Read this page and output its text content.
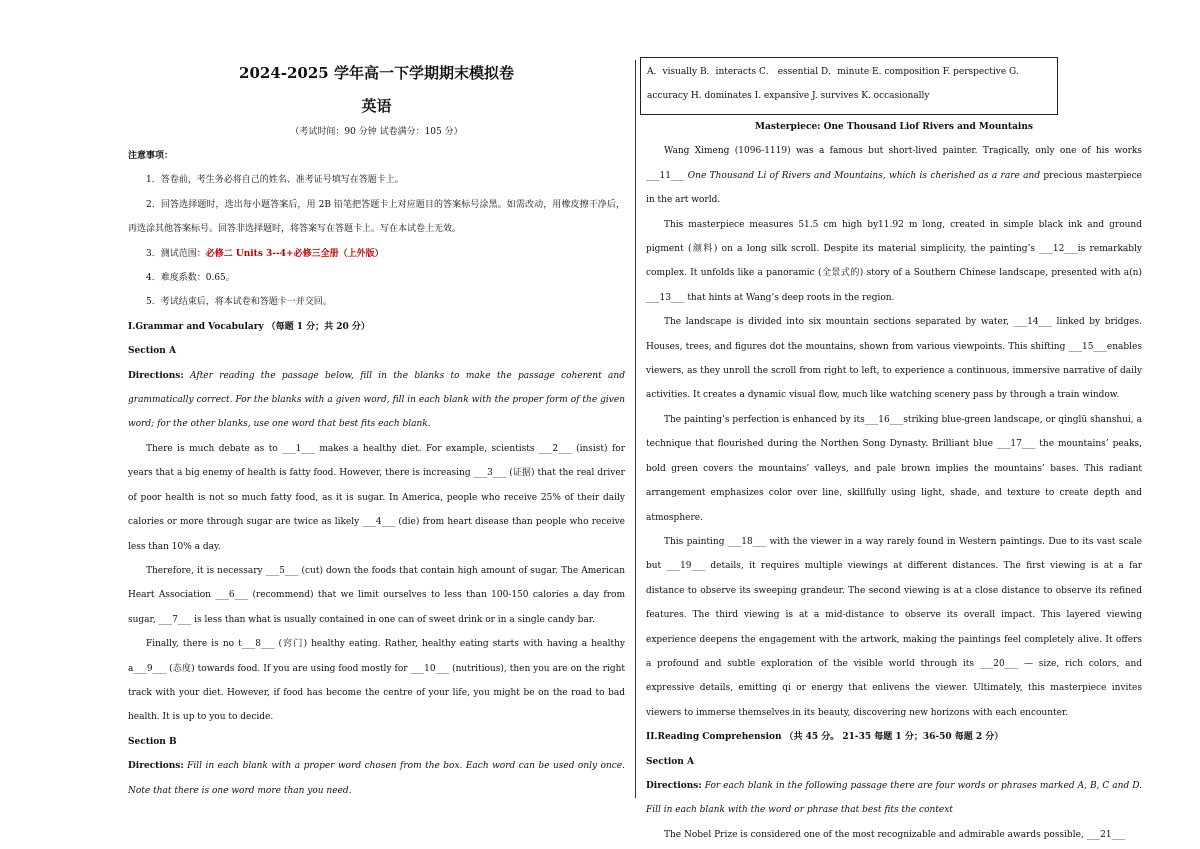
2024-2025 学年高一下学期期末模拟卷
英语
（考试时间：90 分钟 试卷满分：105 分）

注意事项：

1．答卷前，考生务必将自己的姓名、准考证号填写在答题卡上。

2．回答选择题时，选出每小题答案后，用 2B 铅笔把答题卡上对应题目的答案标号涂黑。如需改动，用橡皮擦干净后，再选涂其他答案标号。回答非选择题时，将答案写在答题卡上。写在本试卷上无效。

3．测试范围：必修二 Units 3--4+必修三全册（上外版）

4．难度系数：0.65。

5．考试结束后，将本试卷和答题卡一并交回。

I.Grammar and Vocabulary （每题 1 分；共 20 分）

Section A

Directions: After reading the passage below, fill in the blanks to make the passage coherent and grammatically correct. For the blanks with a given word, fill in each blank with the proper form of the given word; for the other blanks, use one word that best fits each blank.

There is much debate as to ___1___ makes a healthy diet. For example, scientists ___2___ (insist) for years that a big enemy of health is fatty food. However, there is increasing ___3___ (证据) that the real driver of poor health is not so much fatty food, as it is sugar. In America, people who receive 25% of their daily calories or more through sugar are twice as likely ___4___ (die) from heart disease than people who receive less than 10% a day.

Therefore, it is necessary ___5___ (cut) down the foods that contain high amount of sugar. The American Heart Association ___6___ (recommend) that we limit ourselves to less than 100-150 calories a day from sugar, ___7___ is less than what is usually contained in one can of sweet drink or in a single candy bar.

Finally, there is no t___8___ (窍门) healthy eating. Rather, healthy eating starts with having a healthy a___9___ (态度) towards food. If you are using food mostly for ___10___ (nutritious), then you are on the right track with your diet. However, if food has become the centre of your life, you might be on the road to bad health. It is up to you to decide.

Section B

Directions: Fill in each blank with a proper word chosen from the box. Each word can be used only once. Note that there is one word more than you need.

A．visually B．interacts C． essential D．minute E. composition F. perspective G. accuracy H. dominates I. expansive J. survives K. occasionally

Masterpiece: One Thousand Liof Rivers and Mountains

Wang Ximeng (1096-1119) was a famous but short-lived painter. Tragically, only one of his works ___11___ One Thousand Li of Rivers and Mountains, which is cherished as a rare and precious masterpiece in the art world.

This masterpiece measures 51.5 cm high by11.92 m long, created in simple black ink and ground pigment (颜料) on a long silk scroll. Despite its material simplicity, the painting’s ___12___is remarkably complex. It unfolds like a panoramic (全景式的) story of a Southern Chinese landscape, presented with a(n) ___13___ that hints at Wang’s deep roots in the region.

The landscape is divided into six mountain sections separated by water, ___14___ linked by bridges. Houses, trees, and figures dot the mountains, shown from various viewpoints. This shifting ___15___enables viewers, as they unroll the scroll from right to left, to experience a continuous, immersive narrative of daily activities. It creates a dynamic visual flow, much like watching scenery pass by through a train window.

The painting’s perfection is enhanced by its___16___striking blue-green landscape, or qinglü shanshui, a technique that flourished during the Northen Song Dynasty. Brilliant blue ___17___ the mountains’ peaks, bold green covers the mountains’ valleys, and pale brown implies the mountains’ bases. This radiant arrangement emphasizes color over line, skillfully using light, shade, and texture to create depth and atmosphere.

This painting ___18___ with the viewer in a way rarely found in Western paintings. Due to its vast scale but ___19___ details, it requires multiple viewings at different distances. The first viewing is at a far distance to observe its sweeping grandeur. The second viewing is at a close distance to observe its refined features. The third viewing is at a mid-distance to observe its overall impact. This layered viewing experience deepens the engagement with the artwork, making the paintings feel completely alive. It offers a profound and subtle exploration of the visible world through its ___20___ — size, rich colors, and expressive details, emitting qi or energy that enlivens the viewer. Ultimately, this masterpiece invites viewers to immerse themselves in its beauty, discovering new horizons with each encounter.

II.Reading Comprehension （共 45 分。 21-35 每题 1 分；36-50 每题 2 分）

Section A

Directions: For each blank in the following passage there are four words or phrases marked A, B, C and D. Fill in each blank with the word or phrase that best fits the context

The Nobel Prize is considered one of the most recognizable and admirable awards possible, ___21___
